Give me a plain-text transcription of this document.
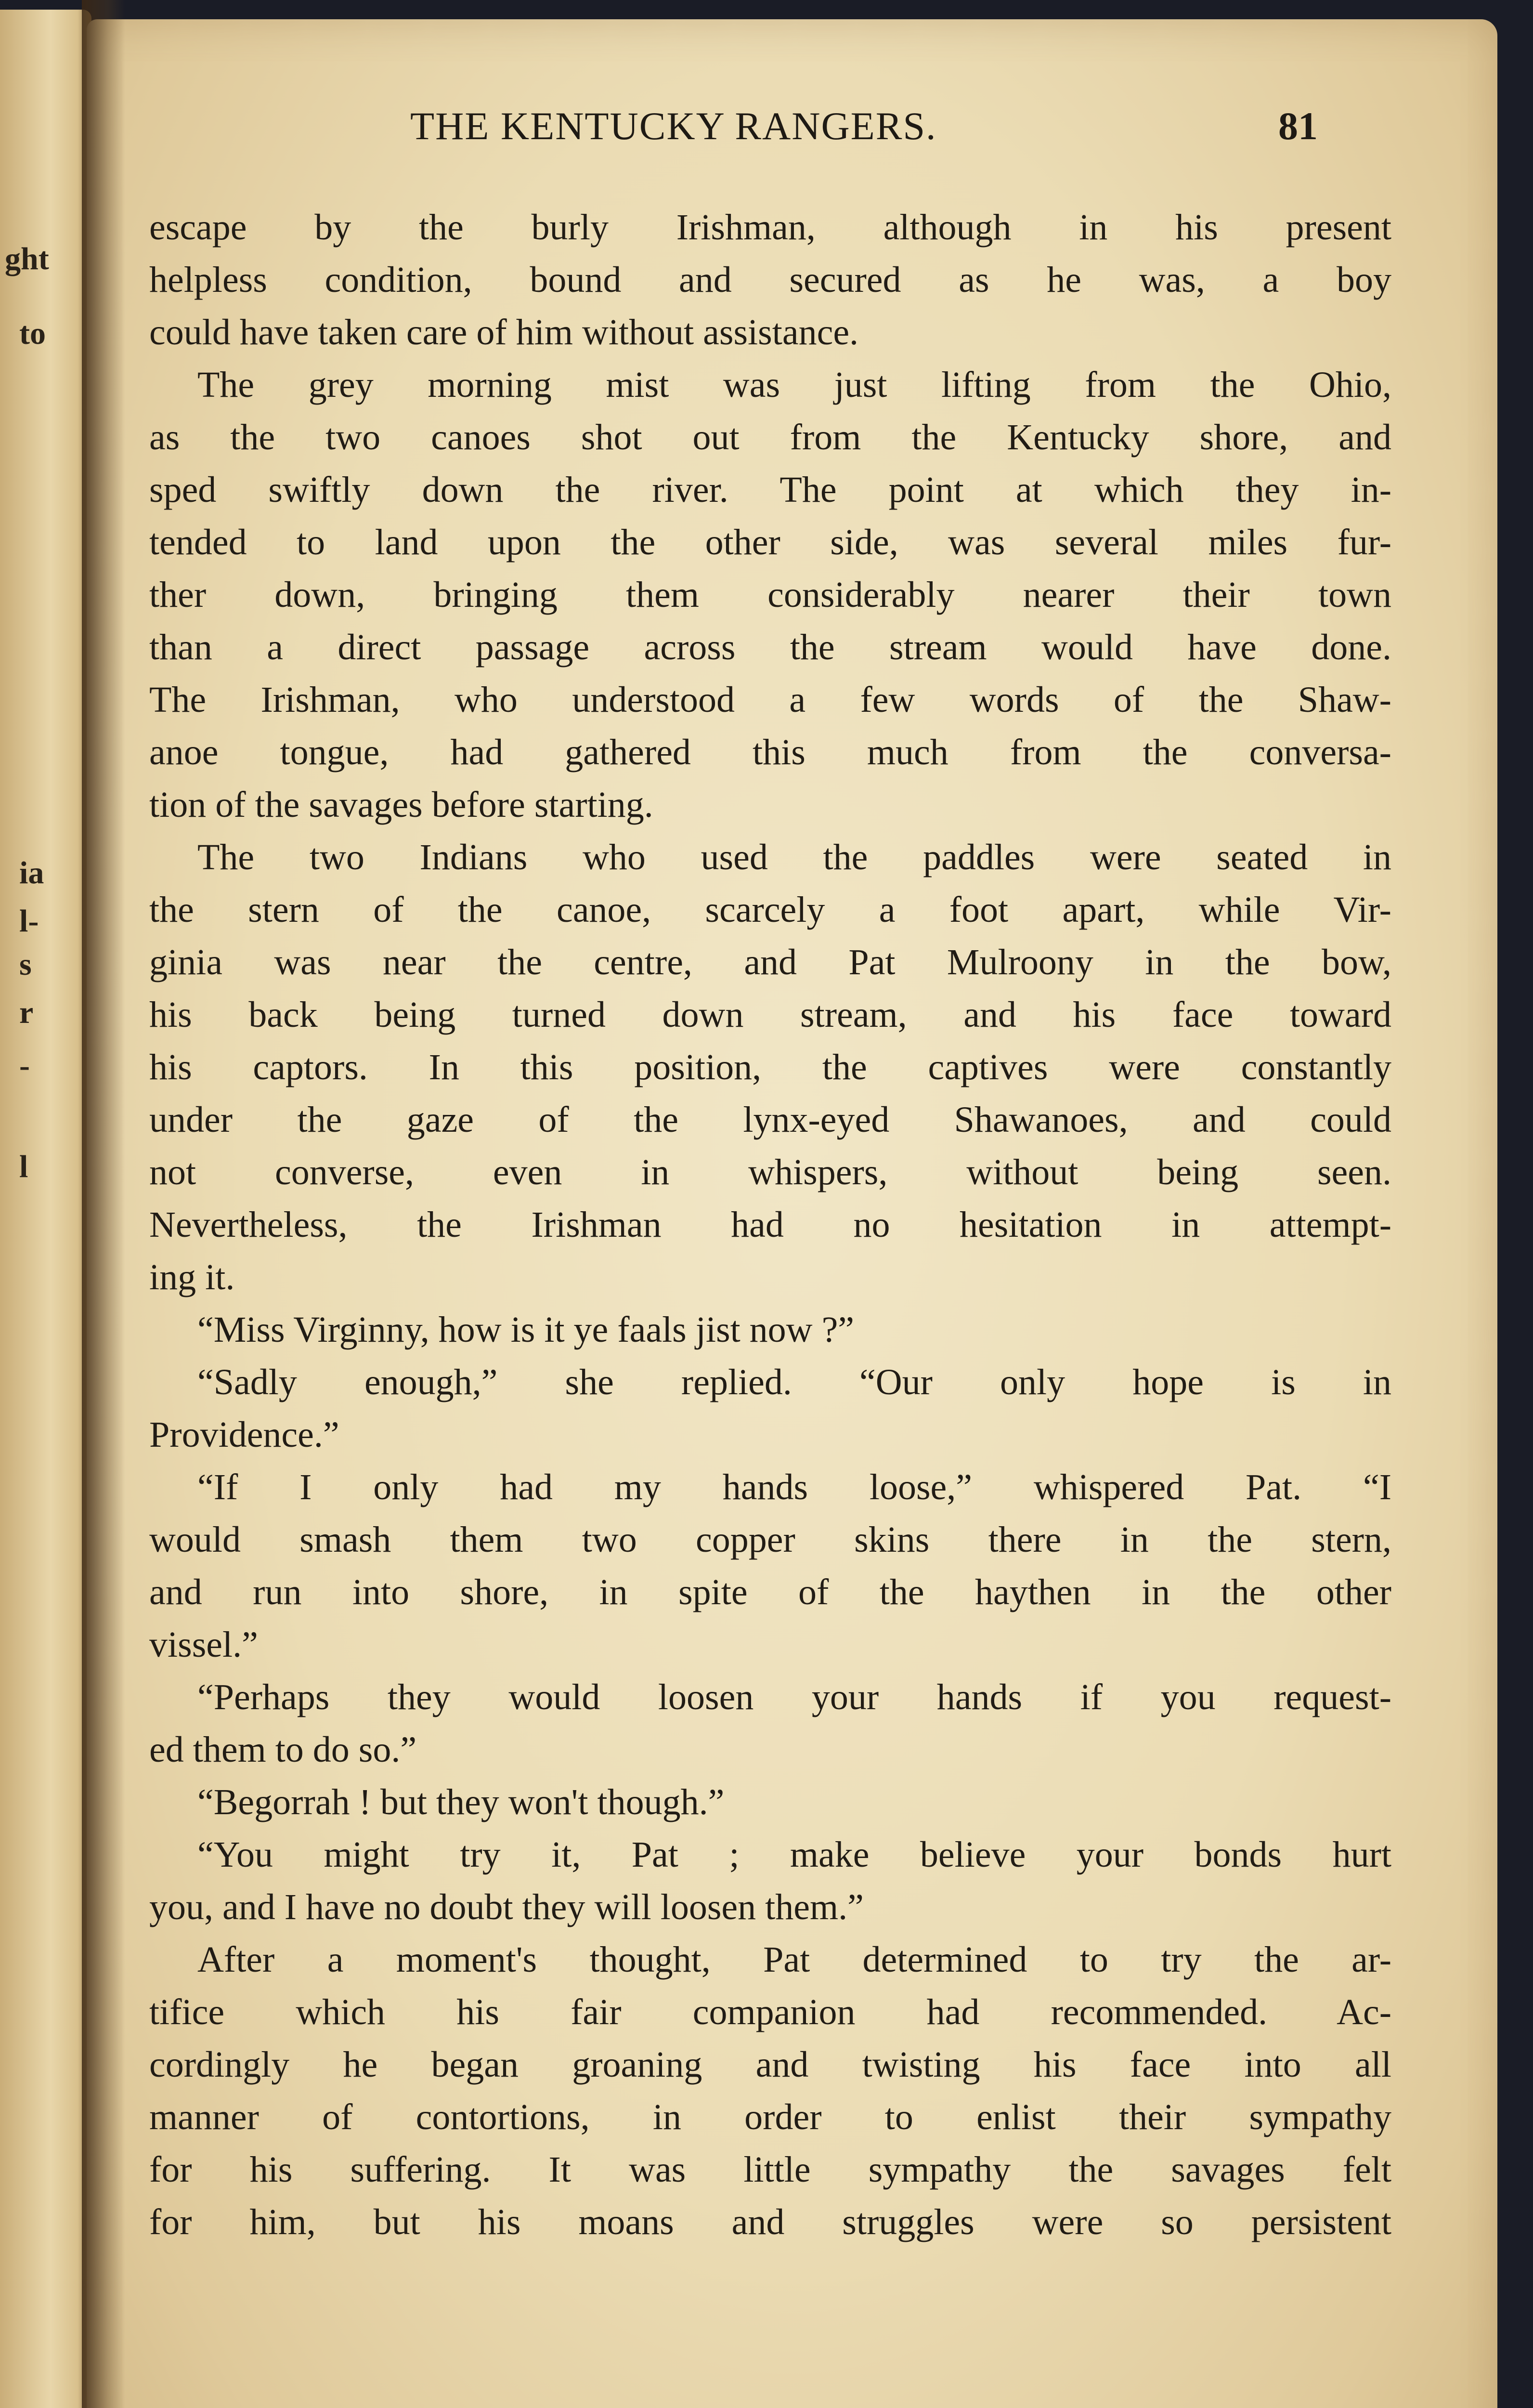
ght
to
ia
l-
s
r
-
l
THE KENTUCKY RANGERS.	81
escape by the burly Irishman, although in his present
helpless condition, bound and secured as he was, a boy
could have taken care of him without assistance.
The grey morning mist was just lifting from the Ohio,
as the two canoes shot out from the Kentucky shore, and
sped swiftly down the river. The point at which they in-
tended to land upon the other side, was several miles fur-
ther down, bringing them considerably nearer their town
than a direct passage across the stream would have done.
The Irishman, who understood a few words of the Shaw-
anoe tongue, had gathered this much from the conversa-
tion of the savages before starting.
The two Indians who used the paddles were seated in
the stern of the canoe, scarcely a foot apart, while Vir-
ginia was near the centre, and Pat Mulroony in the bow,
his back being turned down stream, and his face toward
his captors. In this position, the captives were constantly
under the gaze of the lynx-eyed Shawanoes, and could
not converse, even in whispers, without being seen.
Nevertheless, the Irishman had no hesitation in attempt-
ing it.
“Miss Virginny, how is it ye faals jist now ?”
“Sadly enough,” she replied. “Our only hope is in
Providence.”
“If I only had my hands loose,” whispered Pat. “I
would smash them two copper skins there in the stern,
and run into shore, in spite of the haythen in the other
vissel.”
“Perhaps they would loosen your hands if you request-
ed them to do so.”
“Begorrah ! but they won't though.”
“You might try it, Pat ; make believe your bonds hurt
you, and I have no doubt they will loosen them.”
After a moment's thought, Pat determined to try the ar-
tifice which his fair companion had recommended. Ac-
cordingly he began groaning and twisting his face into all
manner of contortions, in order to enlist their sympathy
for his suffering. It was little sympathy the savages felt
for him, but his moans and struggles were so persistent
